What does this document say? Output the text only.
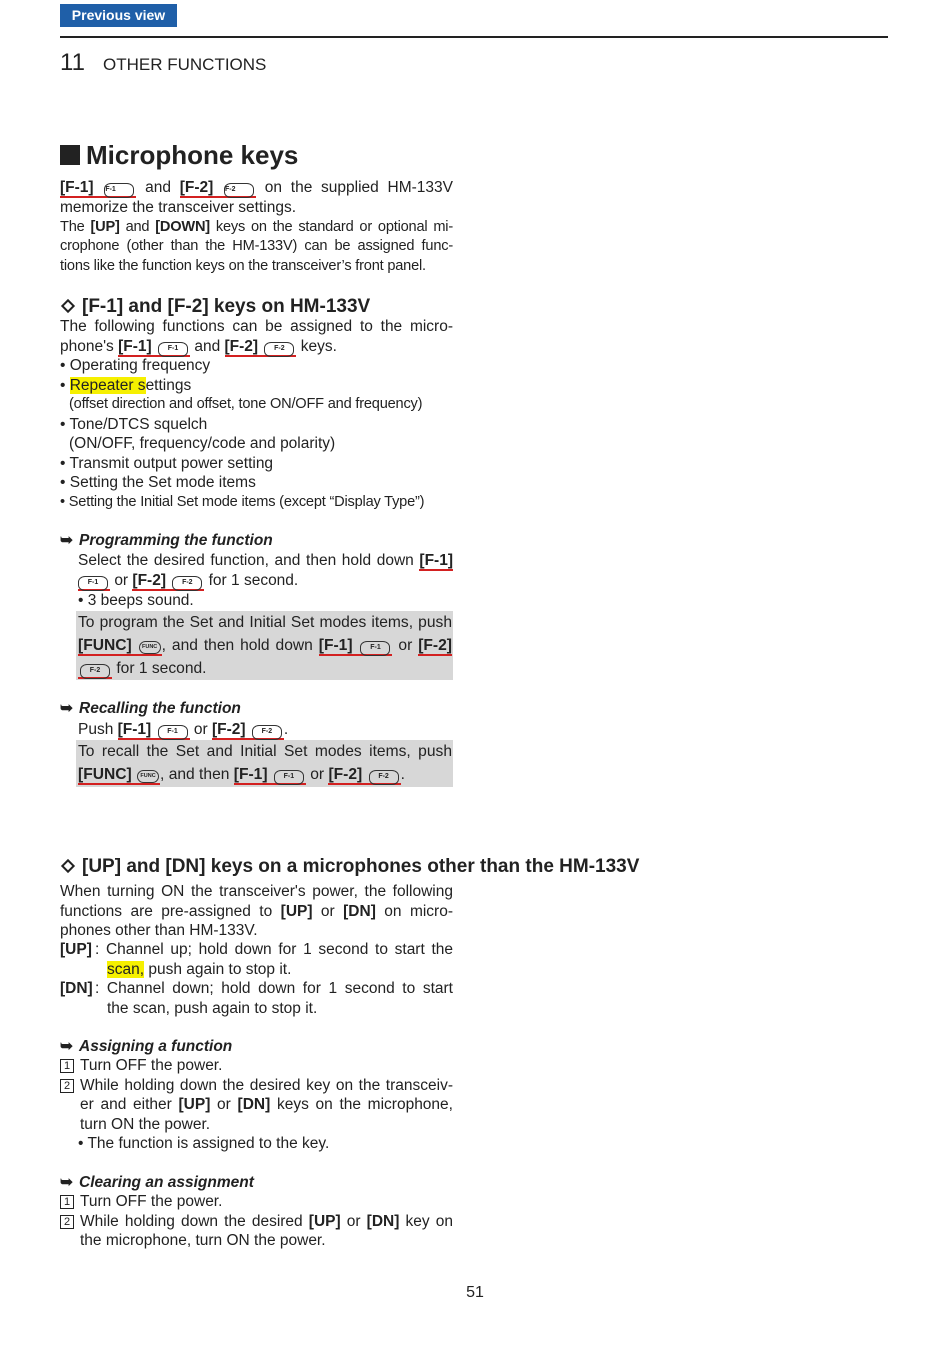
Previous view
11 OTHER FUNCTIONS
Microphone keys

[F-1] F-1 and [F-2] F-2 on the supplied HM-133V

memorize the transceiver settings.

The [UP] and [DOWN] keys on the standard or optional mi-crophone (other than the HM-133V) can be assigned func-tions like the function keys on the transceiver’s front panel.

[F-1] and [F-2] keys on HM-133V

The following functions can be assigned to the micro-phone's [F-1] F-1 and [F-2] F-2 keys.

• Operating frequency
• Repeater settings
(offset direction and offset, tone ON/OFF and frequency)
• Tone/DTCS squelch
(ON/OFF, frequency/code and polarity)
• Transmit output power setting
• Setting the Set mode items
• Setting the Initial Set mode items (except “Display Type”)
➥ Programming the function

Select the desired function, and then hold down [F-1]

F-1 or [F-2] F-2 for 1 second.

• 3 beeps sound.

To program the Set and Initial Set modes items, push [FUNC] FUNC , and then hold down [F-1]	F-1 or [F-2] F-2 for 1 second.

➥ Recalling the function

Push [F-1] F-1 or [F-2] F-2 .

To recall the Set and Initial Set modes items, push

[FUNC] FUNC , and then [F-1] F-1 or [F-2] F-2 .

[UP] and [DN] keys on a microphones other than the HM-133V

When turning ON the transceiver's power, the following functions are pre-assigned to [UP] or [DN] on micro-phones other than HM-133V.

[UP] : Channel up; hold down for 1 second to start the
scan, push again to stop it.
[DN] : Channel down; hold down for 1 second to start
the scan, push again to stop it.
➥ Assigning a function
1 Turn OFF the power.
2 While holding down the desired key on the transceiv-er and either [UP] or [DN] keys on the microphone, turn ON the power.
• The function is assigned to the key.
➥ Clearing an assignment
1 Turn OFF the power.
2 While holding down the desired [UP] or [DN] key on the microphone, turn ON the power.
51
